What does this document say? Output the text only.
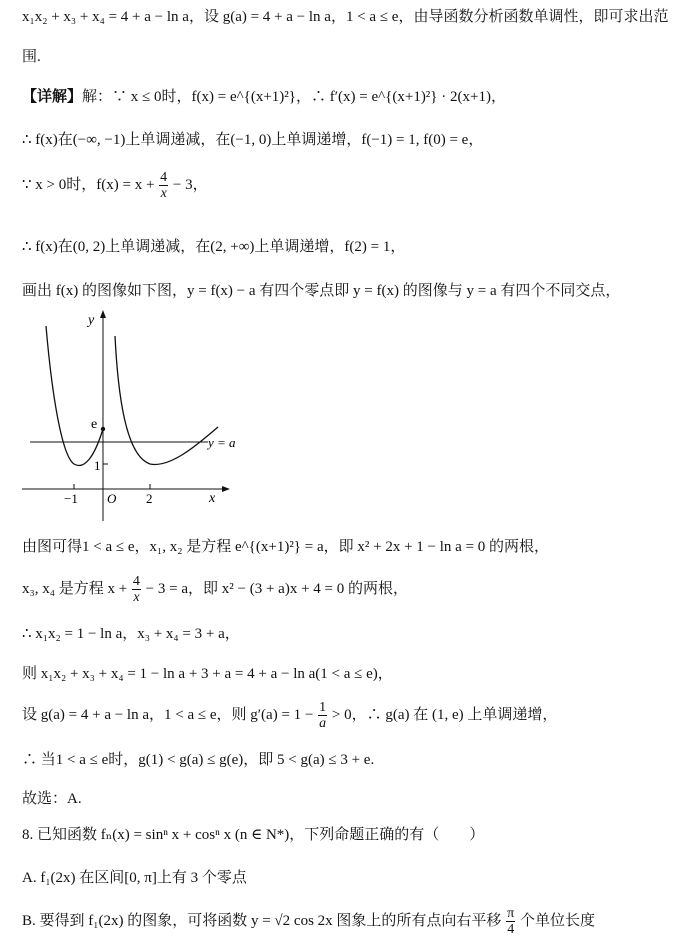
x₁x₂ + x₃ + x₄ = 4 + a − ln a，设 g(a) = 4 + a − ln a，1 < a ≤ e，由导函数分析函数单调性，即可求出范
围.
【详解】解：∵ x ≤ 0时，f(x) = e^{(x+1)²}，∴ f′(x) = e^{(x+1)²} · 2(x+1)，
∴ f(x)在(−∞, −1)上单调递减，在(−1, 0)上单调递增，f(−1) = 1, f(0) = e，
∵ x > 0时，$f(x) = x + \frac{4}{x} - 3$，
∴ f(x)在(0, 2)上单调递减，在(2, +∞)上单调递增，f(2) = 1，
画出 f(x) 的图像如下图，y = f(x) − a 有四个零点即 y = f(x) 的图像与 y = a 有四个不同交点，
y
x
e
1
O
−1	2
y = a
由图可得1 < a ≤ e，x₁, x₂ 是方程 e^{(x+1)²} = a，即 x² + 2x + 1 − ln a = 0 的两根，
x₃, x₄ 是方程 $x + \frac{4}{x} - 3 = a$，即 x² − (3 + a)x + 4 = 0 的两根，
∴ x₁x₂ = 1 − ln a，x₃ + x₄ = 3 + a，
则 x₁x₂ + x₃ + x₄ = 1 − ln a + 3 + a = 4 + a − ln a(1 < a ≤ e)，
设 g(a) = 4 + a − ln a，1 < a ≤ e，则 $g'(a) = 1 - \frac{1}{a} > 0$，∴ g(a) 在 (1, e) 上单调递增，
∴ 当1 < a ≤ e时，g(1) < g(a) ≤ g(e)，即 5 < g(a) ≤ 3 + e.
故选：A.
8. 已知函数 fₙ(x) = sinⁿ x + cosⁿ x (n ∈ N*)，下列命题正确的有（　　）
A. f₁(2x) 在区间[0, π]上有 3 个零点
B. 要得到 f₁(2x) 的图象，可将函数 y = √2 cos 2x 图象上的所有点向右平移 $\frac{\pi}{4}$ 个单位长度
